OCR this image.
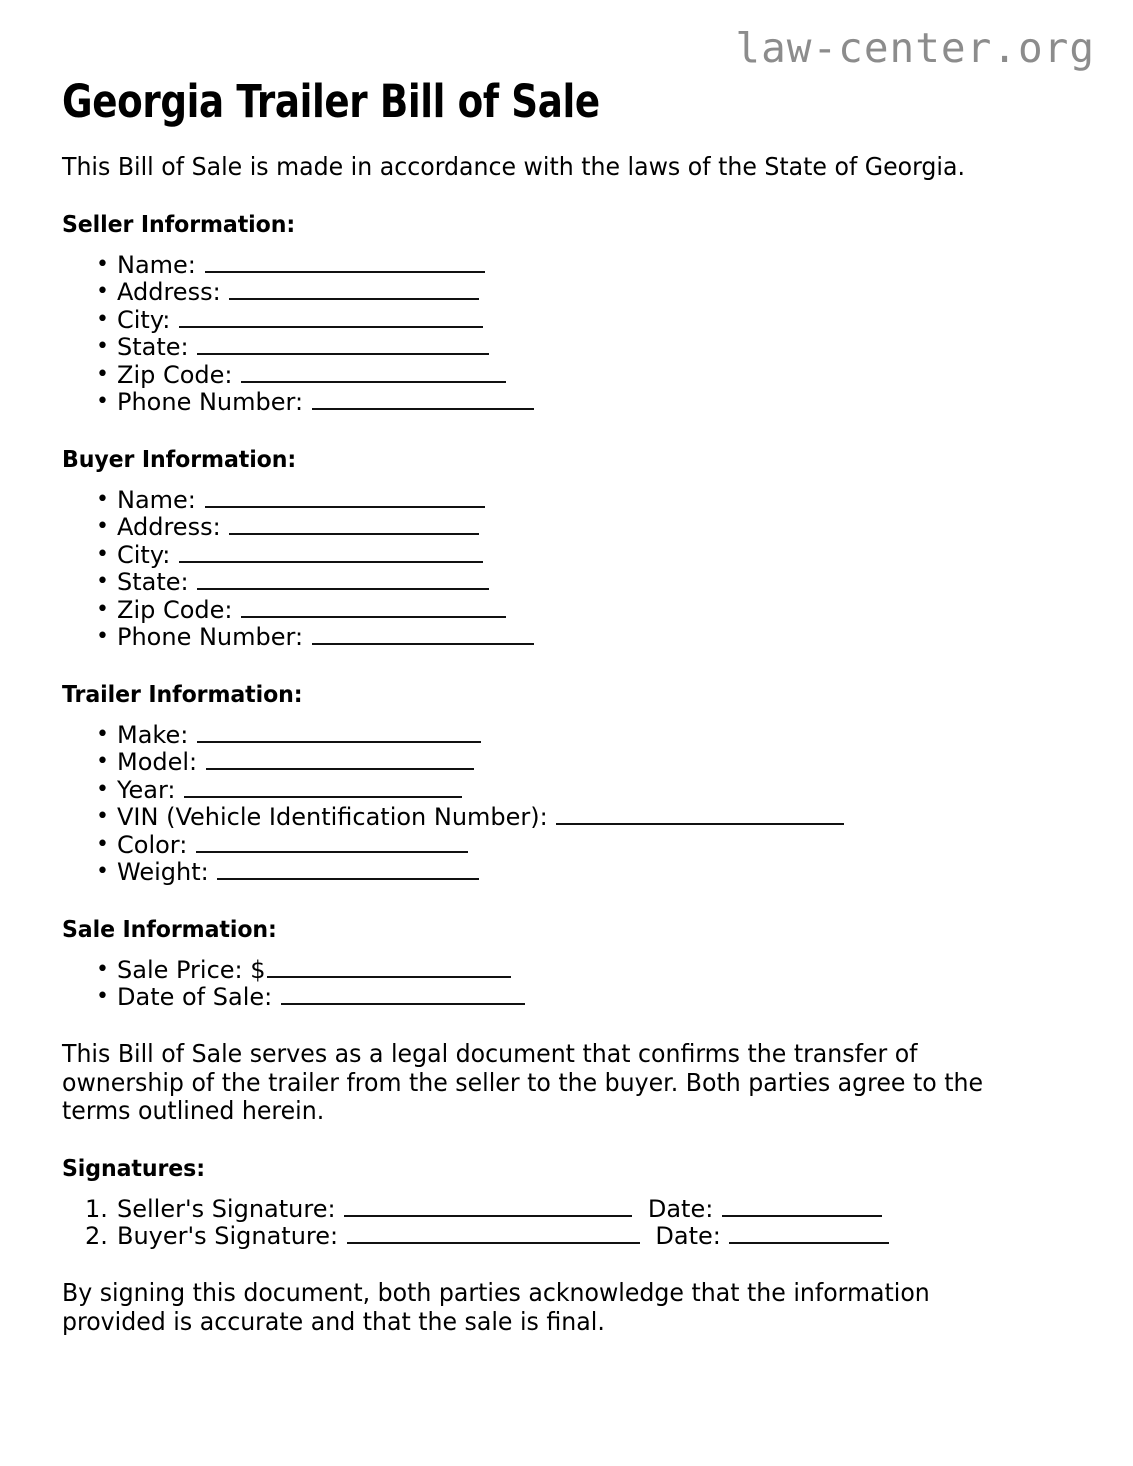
law-center.org
Georgia Trailer Bill of Sale

This Bill of Sale is made in accordance with the laws of the State of Georgia.

Seller Information:
• Name:
• Address:
• City:
• State:
• Zip Code:
• Phone Number:
Buyer Information:
• Name:
• Address:
• City:
• State:
• Zip Code:
• Phone Number:
Trailer Information:
• Make:
• Model:
• Year:
• VIN (Vehicle Identification Number):
• Color:
• Weight:
Sale Information:
• Sale Price: $
• Date of Sale:

This Bill of Sale serves as a legal document that confirms the transfer of ownership of the trailer from the seller to the buyer. Both parties agree to the terms outlined herein.

Signatures:
Seller's Signature:	Date:
Buyer's Signature:	Date:

By signing this document, both parties acknowledge that the information provided is accurate and that the sale is final.
